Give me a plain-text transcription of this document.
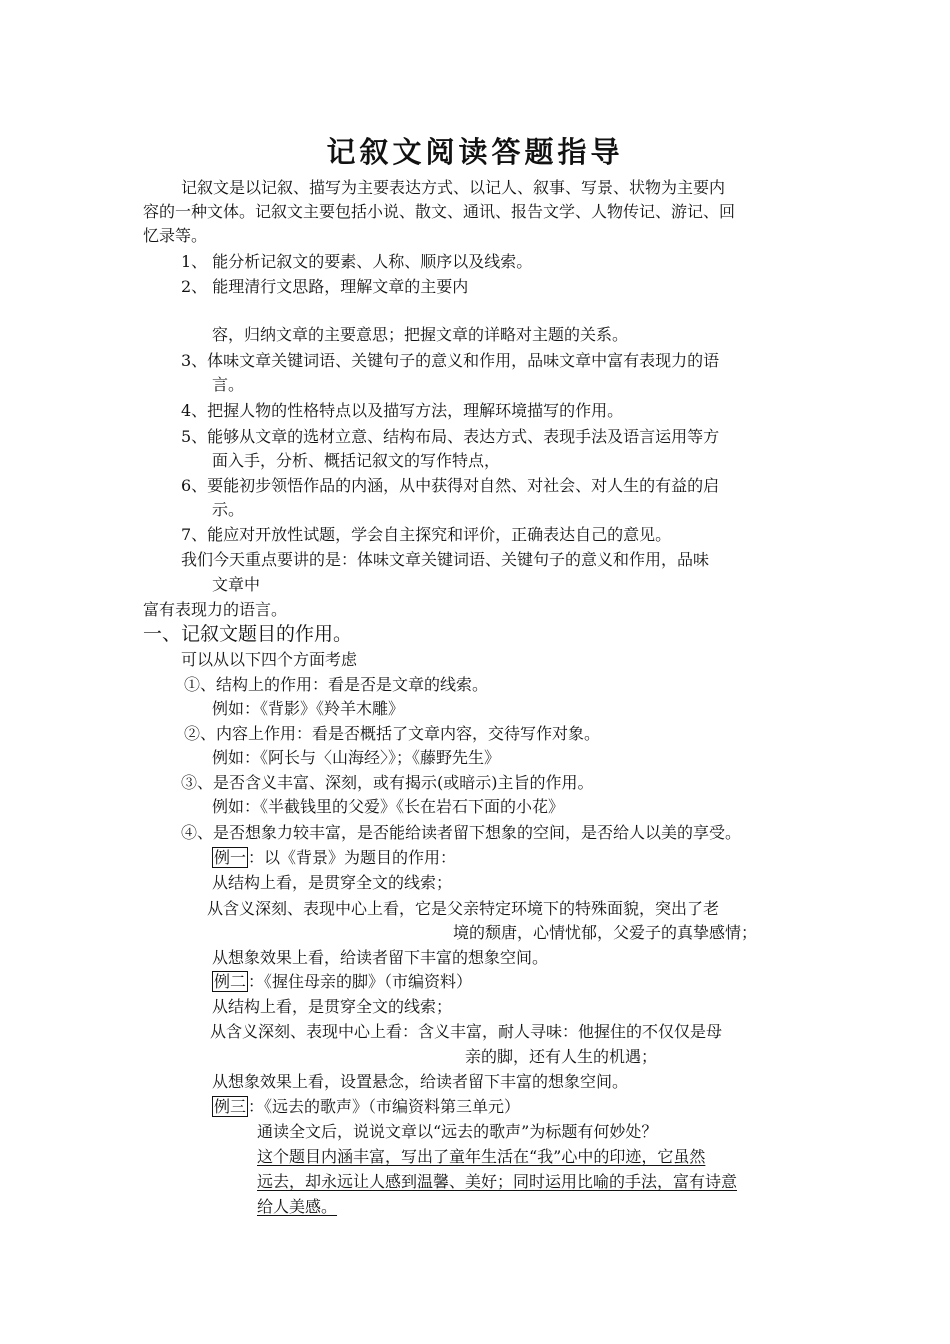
记叙文阅读答题指导
记叙文是以记叙、描写为主要表达方式、以记人、叙事、写景、状物为主要内
容的一种文体。记叙文主要包括小说、散文、通讯、报告文学、人物传记、游记、回
忆录等。
1、 能分析记叙文的要素、人称、顺序以及线索。
2、 能理清行文思路，理解文章的主要内
容，归纳文章的主要意思；把握文章的详略对主题的关系。
3、体味文章关键词语、关键句子的意义和作用，品味文章中富有表现力的语
言。
4、把握人物的性格特点以及描写方法，理解环境描写的作用。
5、能够从文章的选材立意、结构布局、表达方式、表现手法及语言运用等方
面入手，分析、概括记叙文的写作特点，
6、要能初步领悟作品的内涵，从中获得对自然、对社会、对人生的有益的启
示。
7、能应对开放性试题，学会自主探究和评价，正确表达自己的意见。
我们今天重点要讲的是：体味文章关键词语、关键句子的意义和作用，品味
文章中
富有表现力的语言。
一、记叙文题目的作用。
可以从以下四个方面考虑
①、结构上的作用：看是否是文章的线索。
例如：《背影》《羚羊木雕》
②、内容上作用：看是否概括了文章内容，交待写作对象。
例如：《阿长与〈山海经〉》；《藤野先生》
③、是否含义丰富、深刻，或有揭示(或暗示)主旨的作用。
例如：《半截钱里的父爱》《长在岩石下面的小花》
④、是否想象力较丰富，是否能给读者留下想象的空间，是否给人以美的享受。
例一 ：以《背景》为题目的作用：
从结构上看，是贯穿全文的线索；
从含义深刻、表现中心上看，它是父亲特定环境下的特殊面貌，突出了老
境的颓唐，心情忧郁，父爱子的真挚感情；
从想象效果上看，给读者留下丰富的想象空间。
例二 ：《握住母亲的脚》（市编资料）
从结构上看，是贯穿全文的线索；
从含义深刻、表现中心上看：含义丰富，耐人寻味：他握住的不仅仅是母
亲的脚，还有人生的机遇；
从想象效果上看，设置悬念，给读者留下丰富的想象空间。
例三 ：《远去的歌声》（市编资料第三单元）
通读全文后，说说文章以“远去的歌声”为标题有何妙处？
这个题目内涵丰富，写出了童年生活在“我”心中的印迹，它虽然
远去，却永远让人感到温馨、美好；同时运用比喻的手法，富有诗意
给人美感。
